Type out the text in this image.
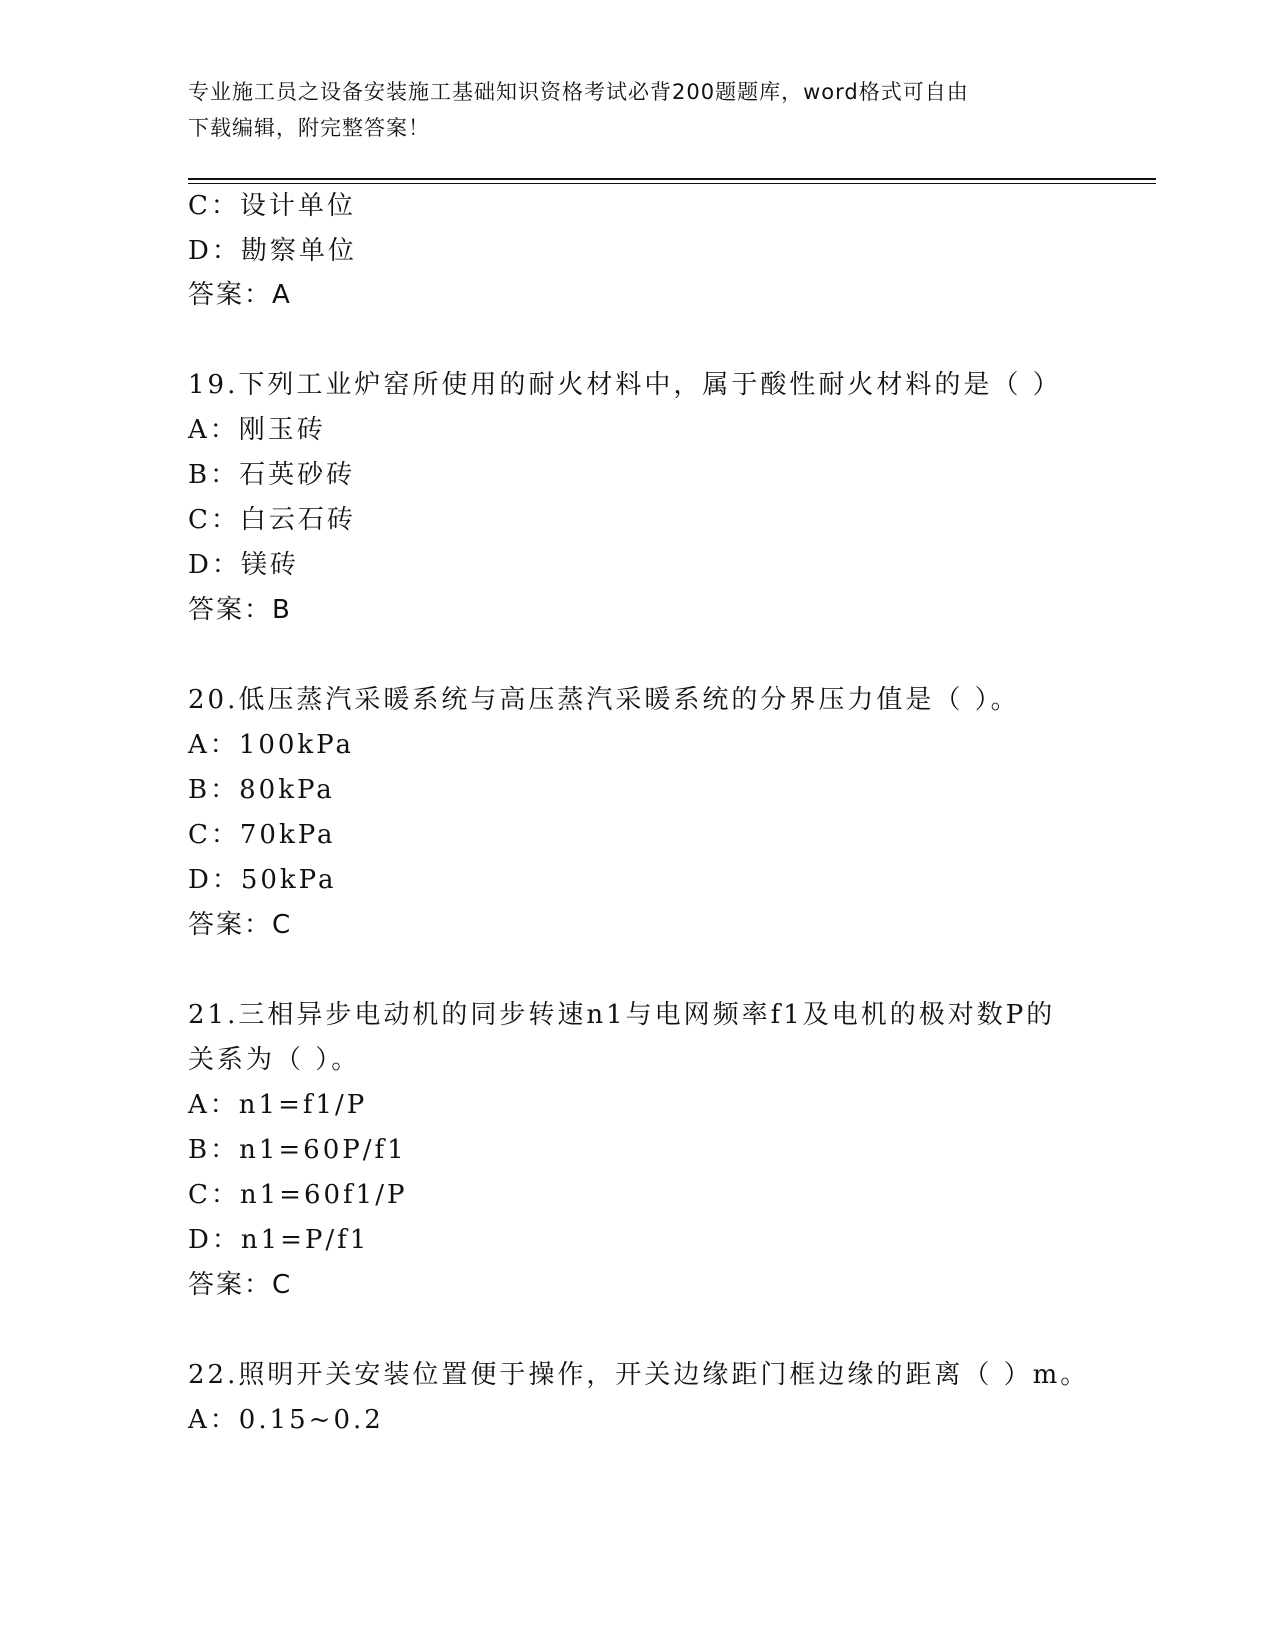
专业施工员之设备安装施工基础知识资格考试必背200题题库，word格式可自由
下载编辑，附完整答案！
C：设计单位
D：勘察单位
答案：A
19.下列工业炉窑所使用的耐火材料中，属于酸性耐火材料的是（ ）
A：刚玉砖
B：石英砂砖
C：白云石砖
D：镁砖
答案：B
20.低压蒸汽采暖系统与高压蒸汽采暖系统的分界压力值是（ ）。
A：100kPa
B：80kPa
C：70kPa
D：50kPa
答案：C
21.三相异步电动机的同步转速n1与电网频率f1及电机的极对数P的
关系为（ ）。
A：n1=f1/P
B：n1=60P/f1
C：n1=60f1/P
D：n1=P/f1
答案：C
22.照明开关安装位置便于操作，开关边缘距门框边缘的距离（ ）m。
A：0.15~0.2
